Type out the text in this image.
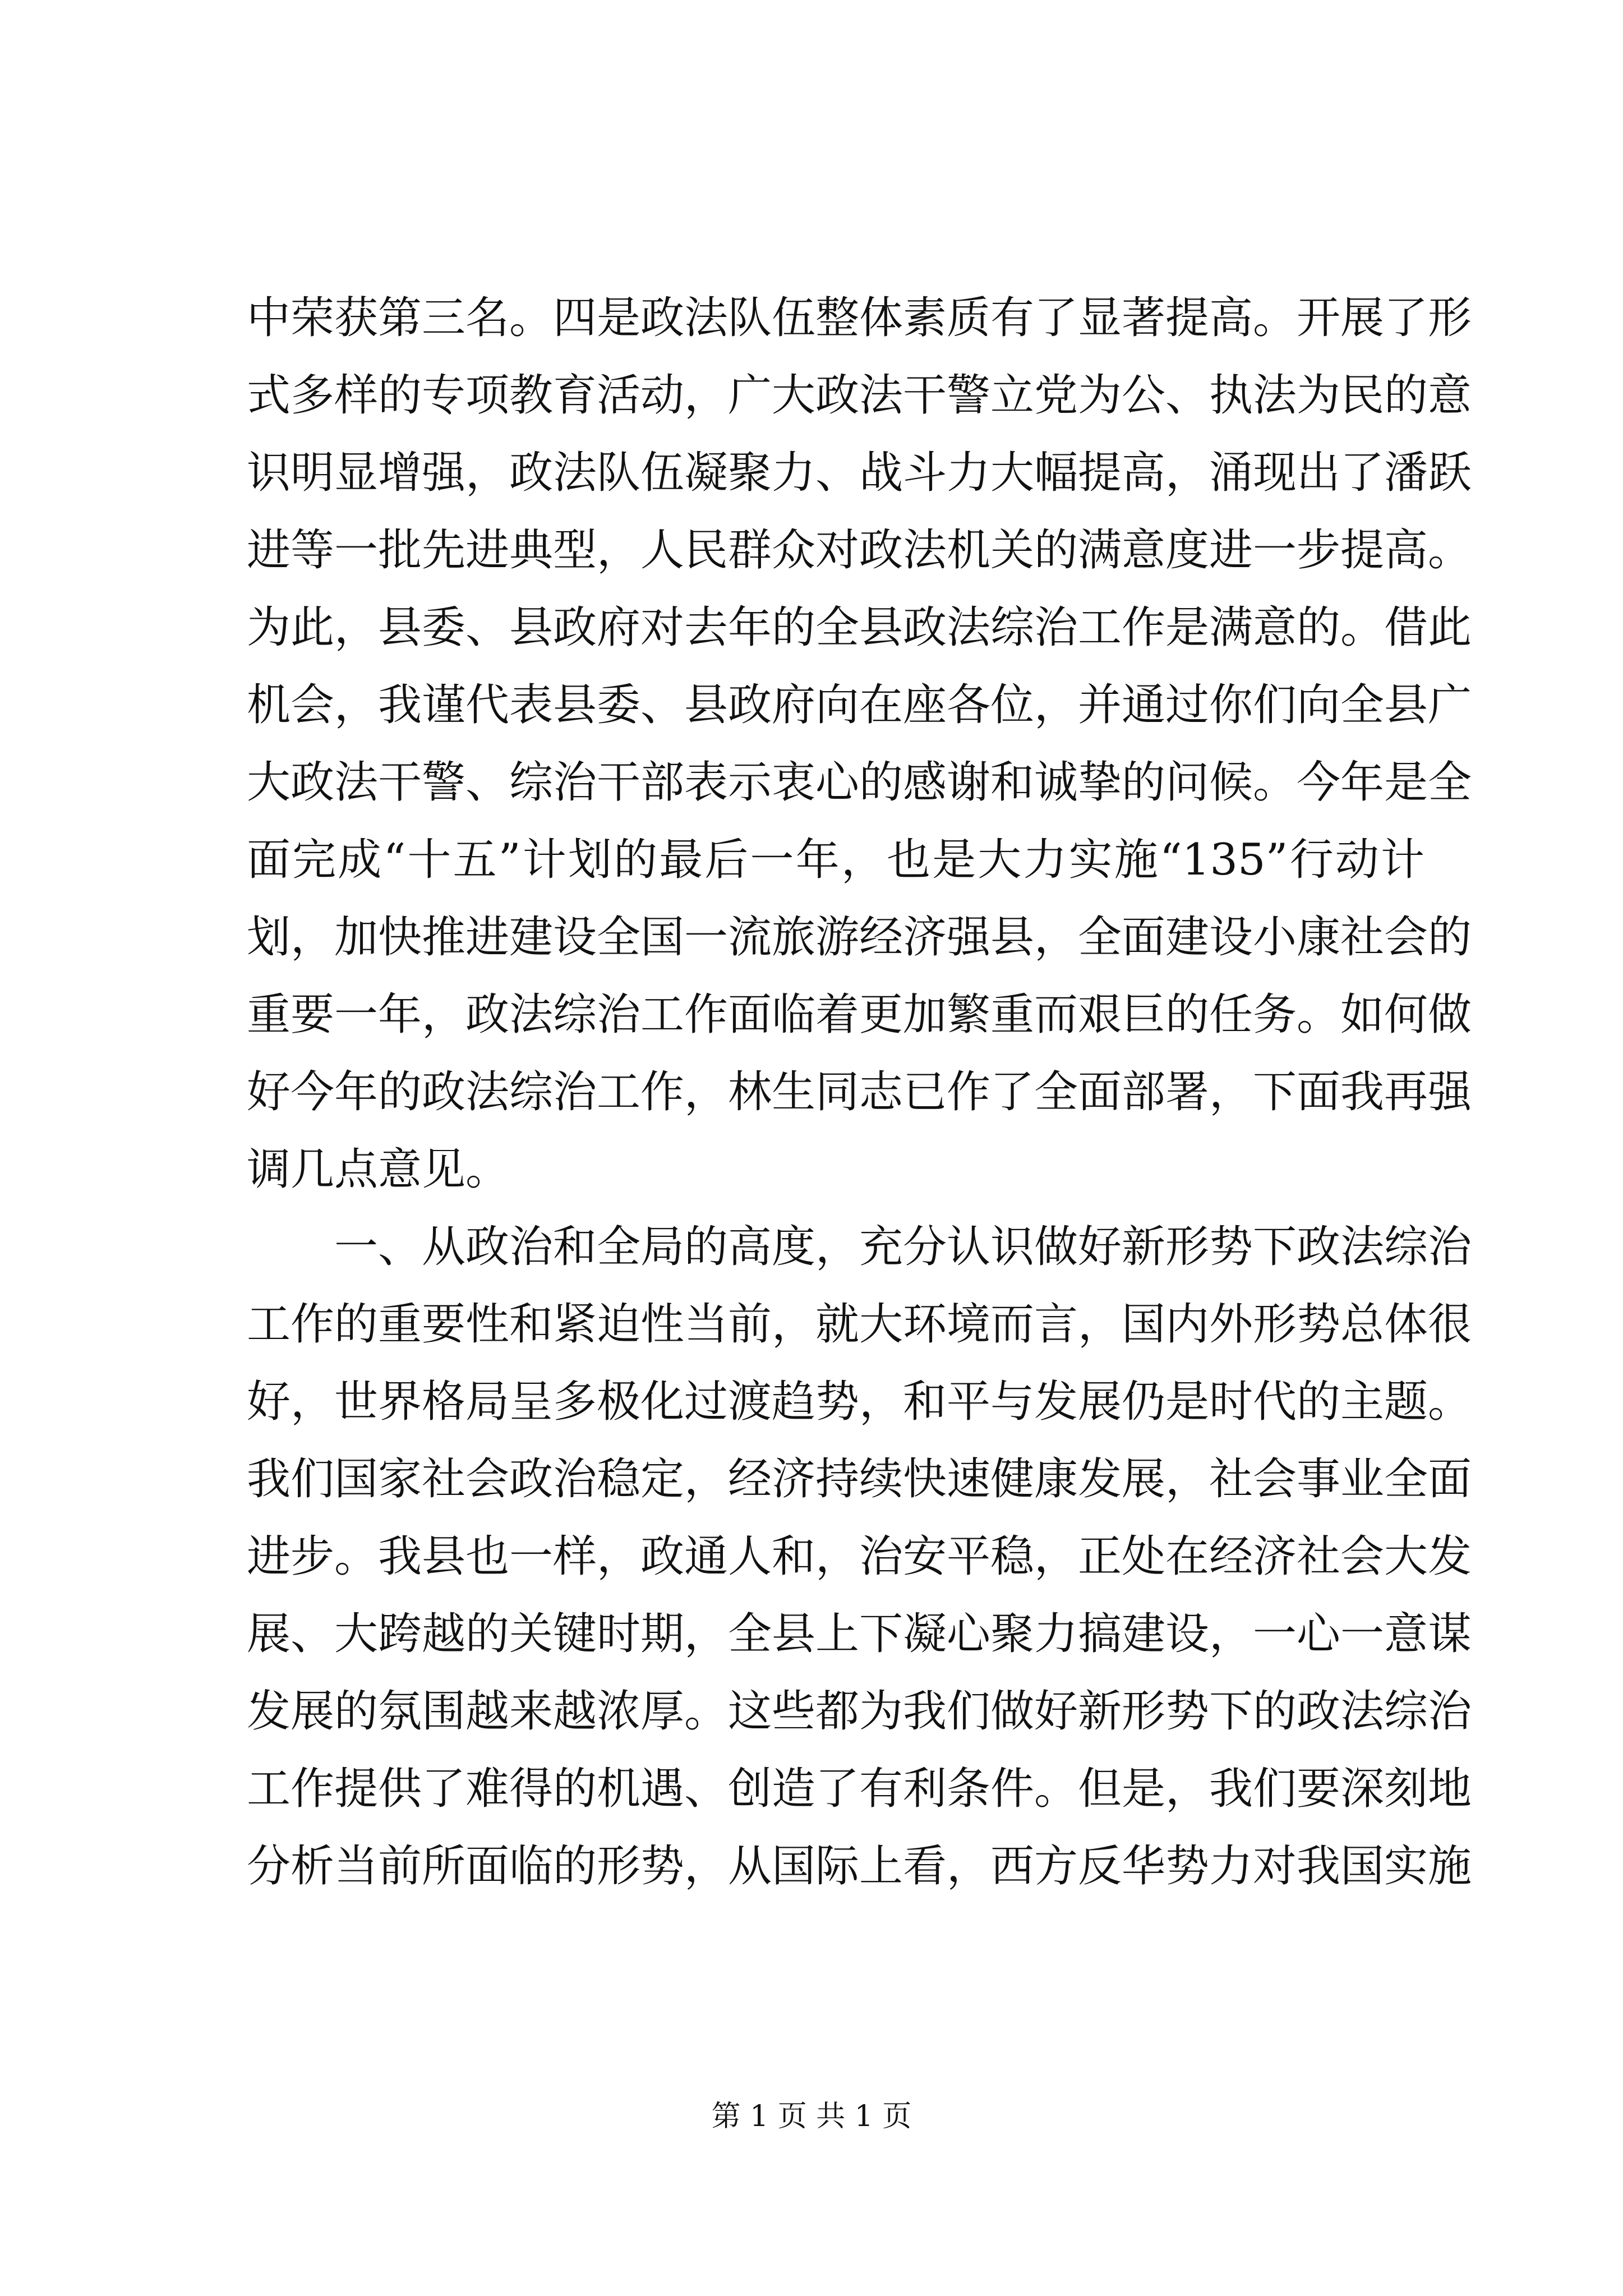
中荣获第三名。四是政法队伍整体素质有了显著提高。开展了形
式多样的专项教育活动，广大政法干警立党为公、执法为民的意
识明显增强，政法队伍凝聚力、战斗力大幅提高，涌现出了潘跃
进等一批先进典型，人民群众对政法机关的满意度进一步提高。
为此，县委、县政府对去年的全县政法综治工作是满意的。借此
机会，我谨代表县委、县政府向在座各位，并通过你们向全县广
大政法干警、综治干部表示衷心的感谢和诚挚的问候。今年是全
面完成“十五”计划的最后一年，也是大力实施“135”行动计
划，加快推进建设全国一流旅游经济强县，全面建设小康社会的
重要一年，政法综治工作面临着更加繁重而艰巨的任务。如何做
好今年的政法综治工作，林生同志已作了全面部署，下面我再强
调几点意见。
一、从政治和全局的高度，充分认识做好新形势下政法综治
工作的重要性和紧迫性当前，就大环境而言，国内外形势总体很
好，世界格局呈多极化过渡趋势，和平与发展仍是时代的主题。
我们国家社会政治稳定，经济持续快速健康发展，社会事业全面
进步。我县也一样，政通人和，治安平稳，正处在经济社会大发
展、大跨越的关键时期，全县上下凝心聚力搞建设，一心一意谋
发展的氛围越来越浓厚。这些都为我们做好新形势下的政法综治
工作提供了难得的机遇、创造了有利条件。但是，我们要深刻地
分析当前所面临的形势，从国际上看，西方反华势力对我国实施
第 1 页 共 1 页
